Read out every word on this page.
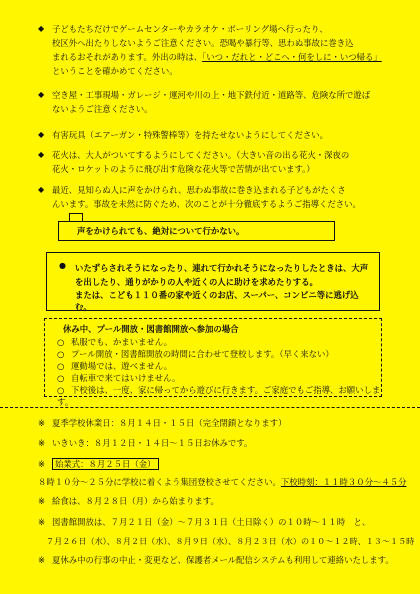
◆ 子どもたちだけでゲームセンターやカラオケ・ボーリング場へ行ったり、

校区外へ出たりしないようご注意ください。恐喝や暴行等、思わぬ事故に巻き込

まれるおそれがあります。外出の時は、「いつ・だれと・どこへ・何をしに・いつ帰る」

ということを確かめてください。

◆ 空き屋・工事現場・ガレージ・運河や川の上・地下鉄付近・道路等、危険な所で遊ば

ないようご注意ください。

◆ 有害玩具（エアーガン・特殊警棒等）を持たせないようにしてください。

◆ 花火は、大人がついてするようにしてください。（大きい音の出る花火・深夜の

花火・ロケットのように飛び出す危険な花火等で苦情が出ています。）

◆ 最近、見知らぬ人に声をかけられ、思わぬ事故に巻き込まれる子どもがたくさ

んいます。事故を未然に防ぐため、次のことが十分徹底するようご指導ください。

声をかけられても、絶対について行かない。
● いたずらされそうになったり、連れて行かれそうになったりしたときは、大声
を出したり、通りがかりの人や近くの人に助けを求めたりする。
または、こども１１０番の家や近くのお店、スーパー、コンビニ等に逃げ込む。
休み中、プール開放・図書館開放へ参加の場合
○ 私服でも、かまいません。
○ プール開放・図書館開放の時間に合わせて登校します。（早く来ない）
○ 運動場では、遊べません。
○ 自転車で来てはいけません。
○ 下校後は、一度、家に帰ってから遊びに行きます。ご家庭でもご指導、お願いします。
※ 夏季学校休業日：８月１４日・１５日（完全閉鎖となります）
※ いきいき：８月１２日・１４日～１５日お休みです。
※ 始業式：８月２５日（金）
８時１０分～２５分に学校に着くよう集団登校させてください。下校時刻：１１時３０分～４５分
※ 給食は、８月２８日（月）から始まります。
※ 図書館開放は、７月２１日（金）～７月３１日（土日除く）の１０時～１１時　と、
７月２６日（水）、８月２日（水）、８月９日（水）、８月２３日（水）の１０～１２時、１３～１５時
※ 夏休み中の行事の中止・変更など、保護者メール配信システムも利用して連絡いたします。
